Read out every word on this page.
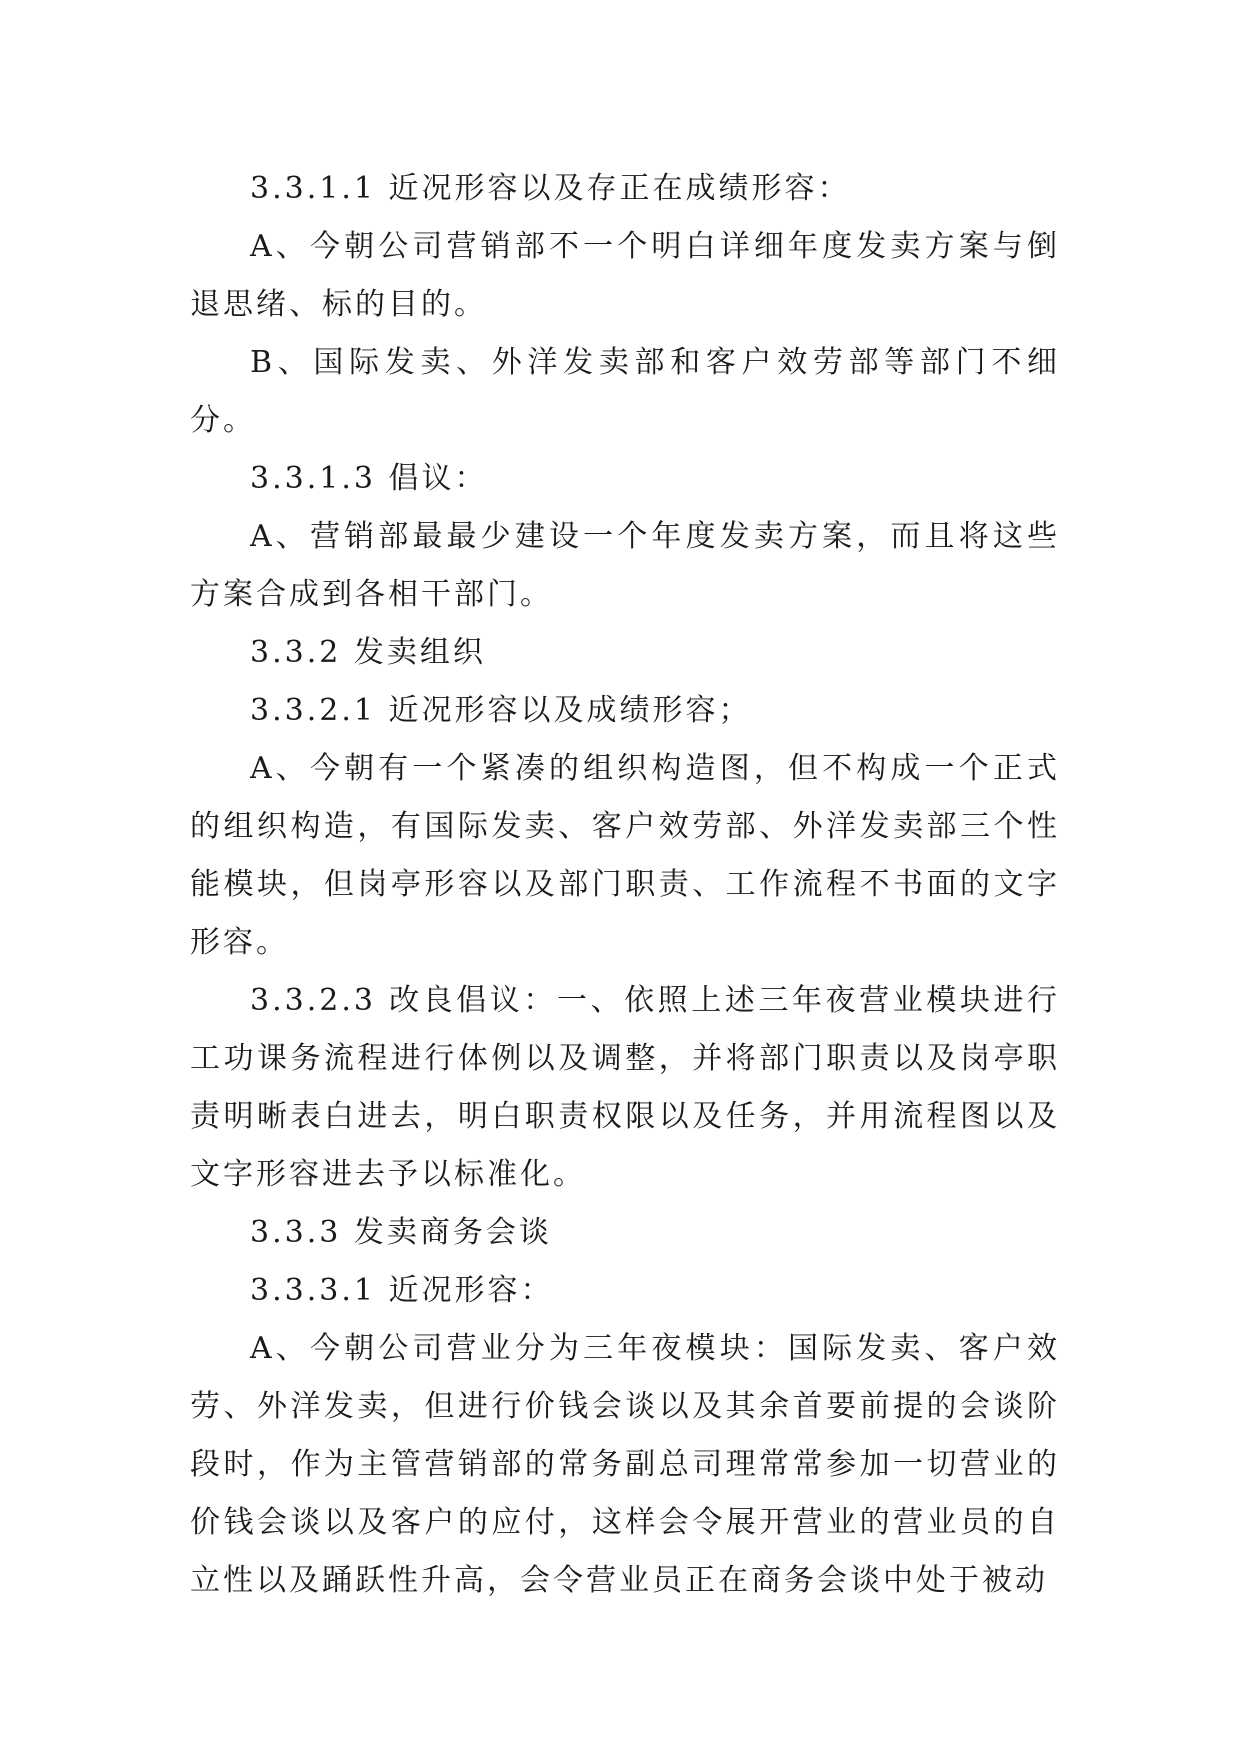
3.3.1.1 近况形容以及存正在成绩形容：

A、今朝公司营销部不一个明白详细年度发卖方案与倒退思绪、标的目的。

B、国际发卖、外洋发卖部和客户效劳部等部门不细分。

3.3.1.3 倡议：

A、营销部最最少建设一个年度发卖方案，而且将这些方案合成到各相干部门。

3.3.2 发卖组织

3.3.2.1 近况形容以及成绩形容；

A、今朝有一个紧凑的组织构造图，但不构成一个正式的组织构造，有国际发卖、客户效劳部、外洋发卖部三个性能模块，但岗亭形容以及部门职责、工作流程不书面的文字形容。

3.3.2.3 改良倡议：一、依照上述三年夜营业模块进行工功课务流程进行体例以及调整，并将部门职责以及岗亭职责明晰表白进去，明白职责权限以及任务，并用流程图以及文字形容进去予以标准化。

3.3.3 发卖商务会谈

3.3.3.1 近况形容：

A、今朝公司营业分为三年夜模块：国际发卖、客户效劳、外洋发卖，但进行价钱会谈以及其余首要前提的会谈阶段时，作为主管营销部的常务副总司理常常参加一切营业的价钱会谈以及客户的应付，这样会令展开营业的营业员的自立性以及踊跃性升高，会令营业员正在商务会谈中处于被动
